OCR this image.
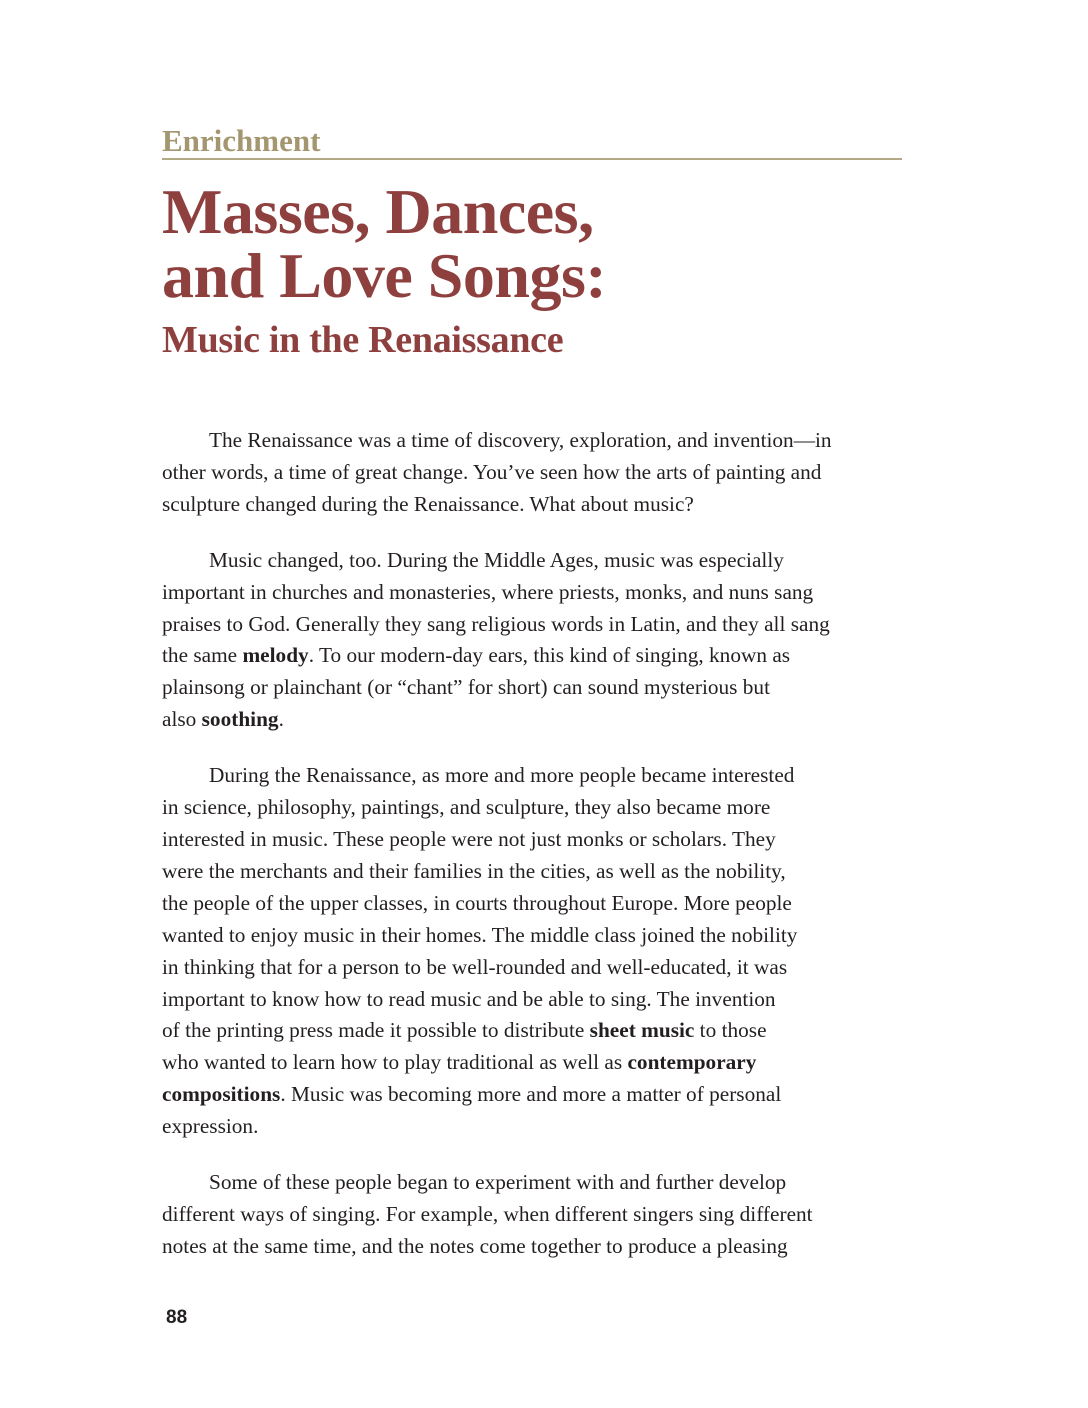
Enrichment
Masses, Dances,
and Love Songs:
Music in the Renaissance

The Renaissance was a time of discovery, exploration, and invention—in
other words, a time of great change. You’ve seen how the arts of painting and
sculpture changed during the Renaissance. What about music?

Music changed, too. During the Middle Ages, music was especially
important in churches and monasteries, where priests, monks, and nuns sang
praises to God. Generally they sang religious words in Latin, and they all sang
the same melody. To our modern-day ears, this kind of singing, known as
plainsong or plainchant (or “chant” for short) can sound mysterious but
also soothing.

During the Renaissance, as more and more people became interested
in science, philosophy, paintings, and sculpture, they also became more
interested in music. These people were not just monks or scholars. They
were the merchants and their families in the cities, as well as the nobility,
the people of the upper classes, in courts throughout Europe. More people
wanted to enjoy music in their homes. The middle class joined the nobility
in thinking that for a person to be well-rounded and well-educated, it was
important to know how to read music and be able to sing. The invention
of the printing press made it possible to distribute sheet music to those
who wanted to learn how to play traditional as well as contemporary
compositions. Music was becoming more and more a matter of personal
expression.

Some of these people began to experiment with and further develop
different ways of singing. For example, when different singers sing different
notes at the same time, and the notes come together to produce a pleasing

88
